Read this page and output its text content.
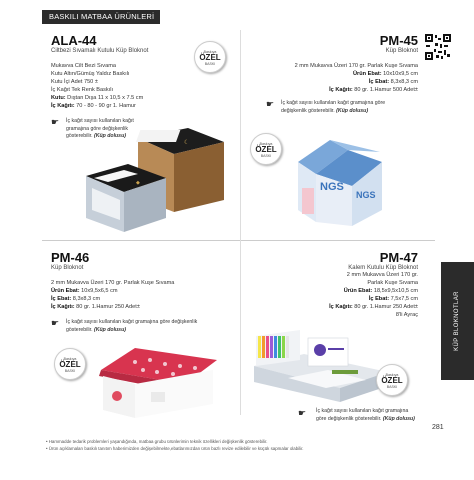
BASKILI MATBAA ÜRÜNLERİ
ALA-44
Ciltbezi Sıvamalı Kutulu Küp Bloknot	Baskıya
ÖZEL
BASKI
Mukavva Cilt Bezi Sıvama
Kutu Altın/Gümüş Yaldız Baskılı
Kutu İçi Adet 750 ±
İç Kağıt Tek Renk Baskılı
Kutu: Dıştan Dışa 11 x 10,5 x 7.5 cm
İç Kağıtı: 70 - 80 - 90 gr 1. Hamur
☛ İç kağıt sayısı kullanılan kağıt gramajına göre değişkenlik gösterebilir. (Küp dolusu)
☾
◆
PM-45
Küp Bloknot
2 mm Mukavva Üzeri 170 gr. Parlak Kuşe Sıvama
Ürün Ebat: 10x10x9,5 cm
İç Ebat: 8,3x8,3 cm
İç Kağıtı: 80 gr. 1.Hamur 500 Adet±
☛ İç kağıt sayısı kullanılan kağıt gramajına göre değişkenlik gösterebilir. (Küp dolusu)
Baskıya
ÖZEL
BASKI
NGS
NGS
PM-46
Küp Bloknot
2 mm Mukavva Üzeri 170 gr. Parlak Kuşe Sıvama
Ürün Ebat: 10x9,5x6,5 cm
İç Ebat: 8,3x8,3 cm
İç Kağıtı: 80 gr. 1.Hamur 250 Adet±
☛ İç kağıt sayısı kullanılan kağıt gramajına göre değişkenlik gösterebilir. (Küp dolusu)
Baskıya
ÖZEL
BASKI
PM-47
Kalem Kutulu Küp Bloknot
2 mm Mukavva Üzeri 170 gr.
Parlak Kuşe Sıvama
Ürün Ebat: 18,5x9,5x10,5 cm
İç Ebat: 7,5x7,5 cm
İç Kağıtı: 80 gr. 1.Hamur 250 Adet±
8'li Ayraç
Baskıya
ÖZEL
BASKI
☛ İç kağıt sayısı kullanılan kağıt gramajına göre değişkenlik gösterebilir. (Küp dolusu)
KÜP BLOKNOTLAR
• Hammadde tedarik problemleri yaşandığında, matbaa grubu ürünlerimin teknik özellikleri değişkenlik gösterebilir.
• Ürün açıklamaları baskılı tanıtım haberimizden değişebilmekte,ebatlarımızdan ürün bazlı revize edilebilir ve küçük sapmalar olabilir.
281
